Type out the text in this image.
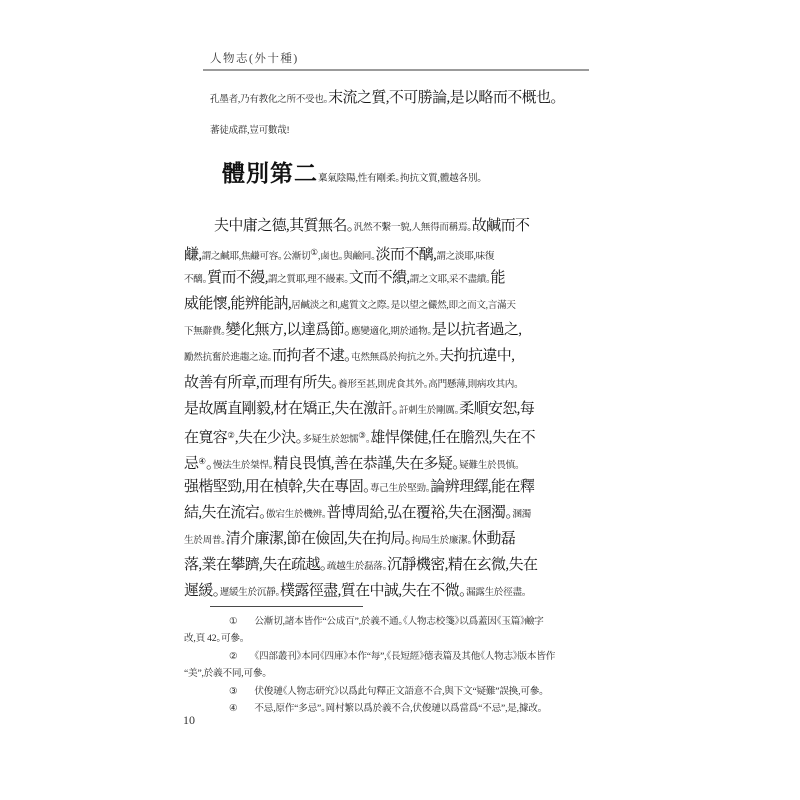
人物志(外十種)
孔墨者,乃有教化之所不受也。末流之質,不可勝論,是以略而不概也。
蕃徒成群,豈可數哉!
體別第二稟氣陰陽,性有剛柔。拘抗文質,體越各別。
夫中庸之德,其質無名。汎然不繫一貌,人無得而稱焉。故鹹而不
鹻,謂之鹹耶,焦鹻可容。公漸切①,鹵也。與鹼同。淡而不醨,謂之淡耶,味復
不醨。質而不縵,謂之質耶,理不縵素。文而不繢,謂之文耶,采不盡繢。能
威能懷,能辨能訥,居鹹淡之和,處質文之際。是以望之儼然,即之而文,言滿天
下無辭費。變化無方,以達爲節。應變適化,期於通物。是以抗者過之,
勵然抗奮於進趨之途。而拘者不逮。屯然無爲於拘抗之外。夫拘抗違中,
故善有所章,而理有所失。養形至甚,則虎食其外。高門懸薄,則病攻其内。
是故厲直剛毅,材在矯正,失在激訐。訐刺生於剛厲。柔順安恕,每
在寬容②,失在少決。多疑生於恕懦③。雄悍傑健,任在膽烈,失在不
忌④。慢法生於桀悍。精良畏慎,善在恭謹,失在多疑。疑難生於畏慎。
强楷堅勁,用在楨幹,失在專固。專己生於堅勁。論辨理繹,能在釋
結,失在流宕。傲宕生於機辨。普博周給,弘在覆裕,失在溷濁。溷濁
生於周普。清介廉潔,節在儉固,失在拘局。拘局生於廉潔。休動磊
落,業在攀躋,失在疏越。疏越生於磊落。沉靜機密,精在玄微,失在
遲緩。遲緩生於沉靜。樸露徑盡,質在中誠,失在不微。漏露生於徑盡。
① 公漸切,諸本皆作“公成百”,於義不通。《人物志校箋》以爲蓋因《玉篇》鹼字
改,頁 42。可參。
② 《四部叢刊》本同《四庫》本作“每”,《長短經》德表篇及其他《人物志》版本皆作
“美”,於義不同,可參。
③ 伏俊璉《人物志研究》以爲此句釋正文語意不合,與下文“疑難”誤換,可參。
④ 不忌,原作“多忌”。岡村繁以爲於義不合,伏俊璉以爲當爲“不忌”,是,據改。
10
